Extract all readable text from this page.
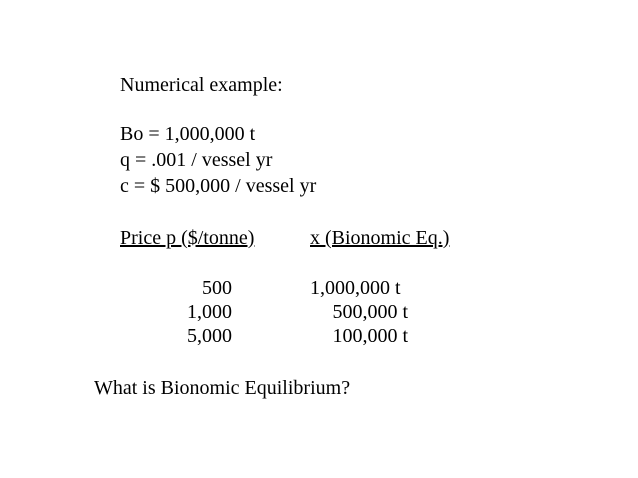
Numerical example:

Bo = 1,000,000 t

q = .001 / vessel yr

c = $ 500,000 / vessel yr

Price p ($/tonne)	x (Bionomic Eq.)

500	1,000,000 t

1,000	500,000 t

5,000	100,000 t

What is Bionomic Equilibrium?
